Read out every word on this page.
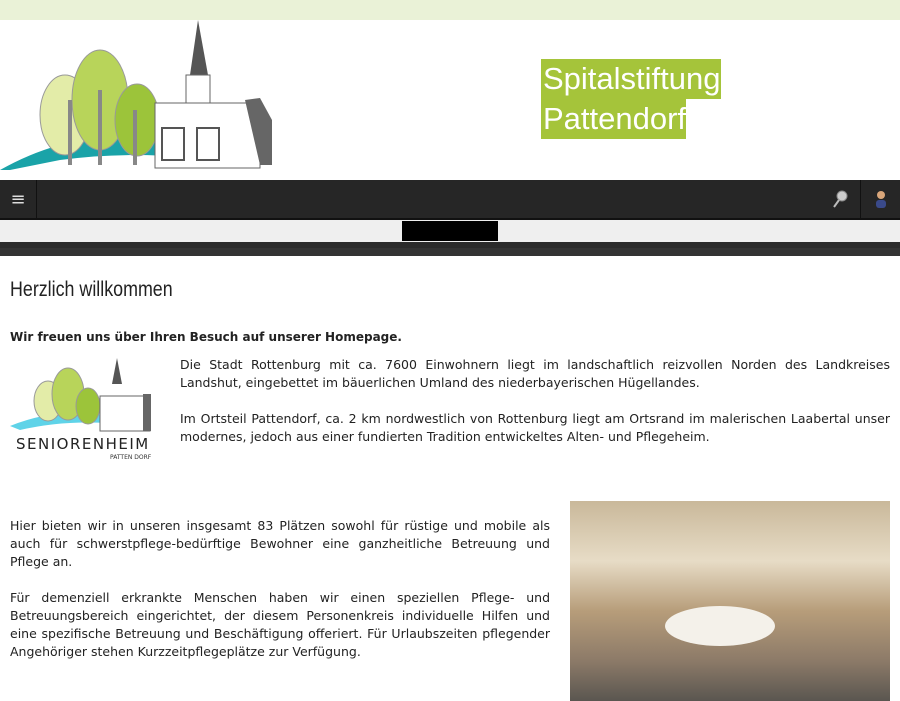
Spitalstiftung
Pattendorf
≡
Herzlich willkommen
Wir freuen uns über Ihren Besuch auf unserer Homepage.
SENIORENHEIM
PATTEN DORF

Die Stadt Rottenburg mit ca. 7600 Einwohnern liegt im landschaftlich reizvollen Norden des Landkreises Landshut, eingebettet im bäuerlichen Umland des niederbayerischen Hügellandes.

Im Ortsteil Pattendorf, ca. 2 km nordwestlich von Rottenburg liegt am Ortsrand im malerischen Laabertal unser modernes, jedoch aus einer fundierten Tradition entwickeltes Alten- und Pflegeheim.

Hier bieten wir in unseren insgesamt 83 Plätzen sowohl für rüstige und mobile als auch für schwerstpflege-bedürftige Bewohner eine ganzheitliche Betreuung und Pflege an.

Für demenziell erkrankte Menschen haben wir einen speziellen Pflege- und Betreuungsbereich eingerichtet, der diesem Personenkreis individuelle Hilfen und eine spezifische Betreuung und Beschäftigung offeriert. Für Urlaubszeiten pflegender Angehöriger stehen Kurzzeitpflegeplätze zur Verfügung.
